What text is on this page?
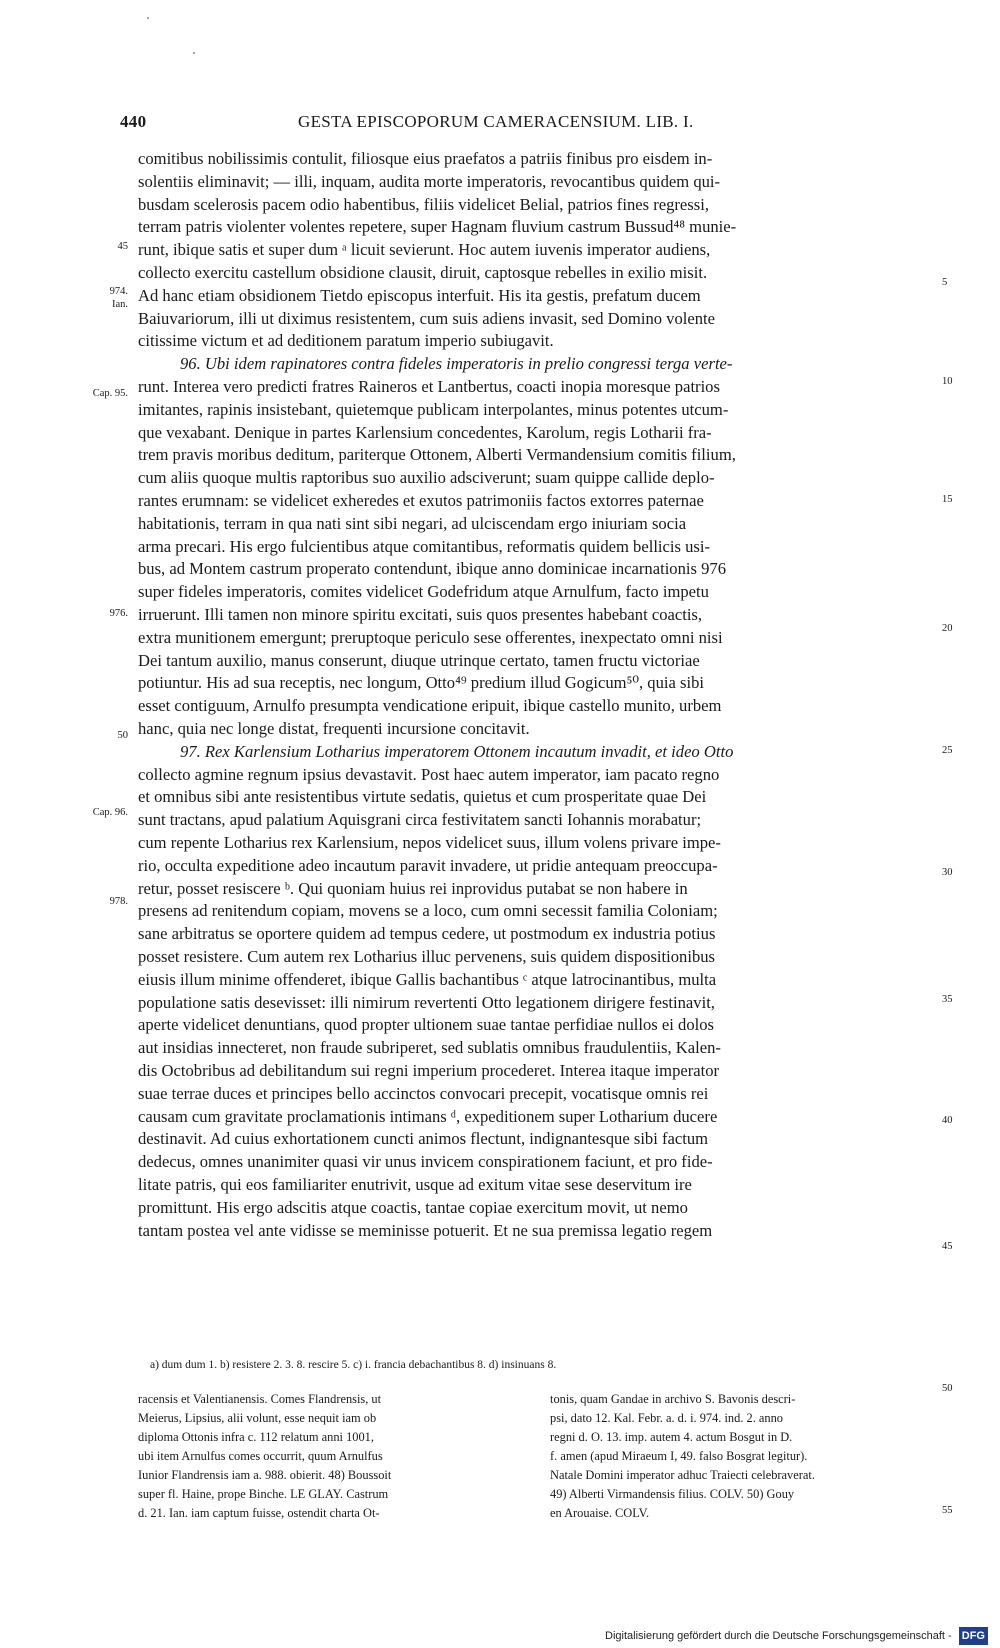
440	GESTA EPISCOPORUM CAMERACENSIUM. LIB. I.
comitibus nobilissimis contulit, filiosque eius praefatos a patriis finibus pro eisdem in-
solentiis eliminavit; — illi, inquam, audita morte imperatoris, revocantibus quidem qui-
busdam scelerosis pacem odio habentibus, filiis videlicet Belial, patrios fines regressi,
terram patris violenter volentes repetere, super Hagnam fluvium castrum Bussud⁴⁸ munie-
runt, ibique satis et super dum ᵃ licuit sevierunt. Hoc autem iuvenis imperator audiens,
collecto exercitu castellum obsidione clausit, diruit, captosque rebelles in exilio misit.
Ad hanc etiam obsidionem Tietdo episcopus interfuit. His ita gestis, prefatum ducem
Baiuvariorum, illi ut diximus resistentem, cum suis adiens invasit, sed Domino volente
citissime victum et ad deditionem paratum imperio subiugavit.
96. Ubi idem rapinatores contra fideles imperatoris in prelio congressi terga verte-
runt. Interea vero predicti fratres Raineros et Lantbertus, coacti inopia moresque patrios
imitantes, rapinis insistebant, quietemque publicam interpolantes, minus potentes utcum-
que vexabant. Denique in partes Karlensium concedentes, Karolum, regis Lotharii fra-
trem pravis moribus deditum, pariterque Ottonem, Alberti Vermandensium comitis filium,
cum aliis quoque multis raptoribus suo auxilio adsciverunt; suam quippe callide deplo-
rantes erumnam: se videlicet exheredes et exutos patrimoniis factos extorres paternae
habitationis, terram in qua nati sint sibi negari, ad ulciscendam ergo iniuriam socia
arma precari. His ergo fulcientibus atque comitantibus, reformatis quidem bellicis usi-
bus, ad Montem castrum properato contendunt, ibique anno dominicae incarnationis 976
super fideles imperatoris, comites videlicet Godefridum atque Arnulfum, facto impetu
irruerunt. Illi tamen non minore spiritu excitati, suis quos presentes habebant coactis,
extra munitionem emergunt; preruptoque periculo sese offerentes, inexpectato omni nisi
Dei tantum auxilio, manus conserunt, diuque utrinque certato, tamen fructu victoriae
potiuntur. His ad sua receptis, nec longum, Otto⁴⁹ predium illud Gogicum⁵⁰, quia sibi
esset contiguum, Arnulfo presumpta vendicatione eripuit, ibique castello munito, urbem
hanc, quia nec longe distat, frequenti incursione concitavit.
97. Rex Karlensium Lotharius imperatorem Ottonem incautum invadit, et ideo Otto
collecto agmine regnum ipsius devastavit. Post haec autem imperator, iam pacato regno
et omnibus sibi ante resistentibus virtute sedatis, quietus et cum prosperitate quae Dei
sunt tractans, apud palatium Aquisgrani circa festivitatem sancti Iohannis morabatur;
cum repente Lotharius rex Karlensium, nepos videlicet suus, illum volens privare impe-
rio, occulta expeditione adeo incautum paravit invadere, ut pridie antequam preoccupa-
retur, posset resiscere ᵇ. Qui quoniam huius rei inprovidus putabat se non habere in
presens ad renitendum copiam, movens se a loco, cum omni secessit familia Coloniam;
sane arbitratus se oportere quidem ad tempus cedere, ut postmodum ex industria potius
posset resistere. Cum autem rex Lotharius illuc pervenens, suis quidem dispositionibus
eiusis illum minime offenderet, ibique Gallis bachantibus ᶜ atque latrocinantibus, multa
populatione satis desevisset: illi nimirum revertenti Otto legationem dirigere festinavit,
aperte videlicet denuntians, quod propter ultionem suae tantae perfidiae nullos ei dolos
aut insidias innecteret, non fraude subriperet, sed sublatis omnibus fraudulentiis, Kalen-
dis Octobribus ad debilitandum sui regni imperium procederet. Interea itaque imperator
suae terrae duces et principes bello accinctos convocari precepit, vocatisque omnis rei
causam cum gravitate proclamationis intimans ᵈ, expeditionem super Lotharium ducere
destinavit. Ad cuius exhortationem cuncti animos flectunt, indignantesque sibi factum
dedecus, omnes unanimiter quasi vir unus invicem conspirationem faciunt, et pro fide-
litate patris, qui eos familiariter enutrivit, usque ad exitum vitae sese deservitum ire
promittunt. His ergo adscitis atque coactis, tantae copiae exercitum movit, ut nemo
tantam postea vel ante vidisse se meminisse potuerit. Et ne sua premissa legatio regem
45
974.
Ian.
Cap. 95.
976.
50
Cap. 96.
978.
5
10
15
20
25
30
35
40
45
50
55
a) dum dum 1. b) resistere 2. 3. 8. rescire 5. c) i. francia debachantibus 8. d) insinuans 8.
racensis et Valentianensis. Comes Flandrensis, ut
Meierus, Lipsius, alii volunt, esse nequit iam ob
diploma Ottonis infra c. 112 relatum anni 1001,
ubi item Arnulfus comes occurrit, quum Arnulfus
Iunior Flandrensis iam a. 988. obierit. 48) Boussoit
super fl. Haine, prope Binche. LE GLAY. Castrum
d. 21. Ian. iam captum fuisse, ostendit charta Ot-
tonis, quam Gandae in archivo S. Bavonis descri-
psi, dato 12. Kal. Febr. a. d. i. 974. ind. 2. anno
regni d. O. 13. imp. autem 4. actum Bosgut in D.
f. amen (apud Miraeum I, 49. falso Bosgrat legitur).
Natale Domini imperator adhuc Traiecti celebraverat.
49) Alberti Virmandensis filius. COLV. 50) Gouy
en Arouaise. COLV.
Digitalisierung gefördert durch die Deutsche Forschungsgemeinschaft - DFG
